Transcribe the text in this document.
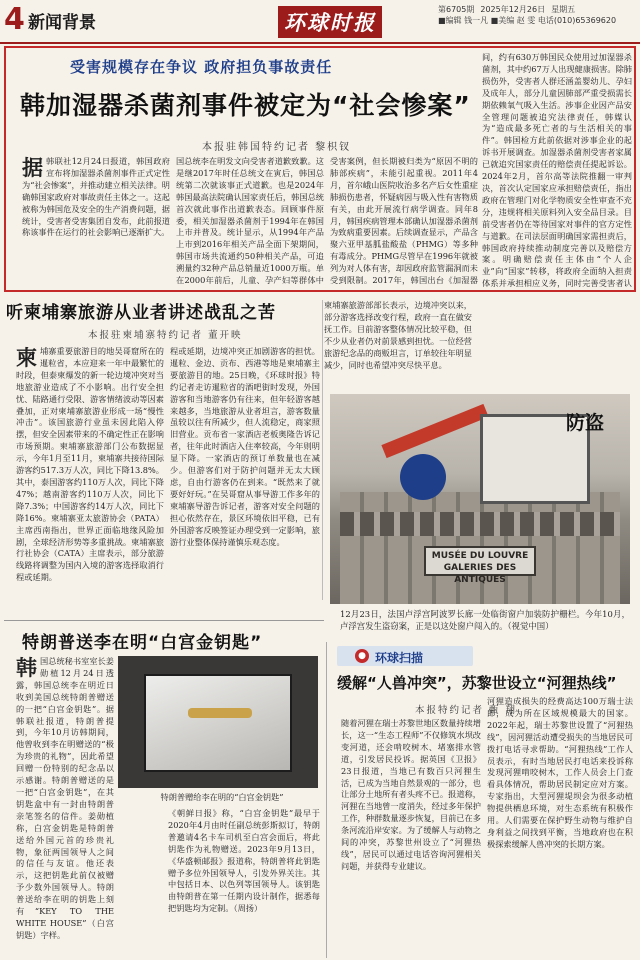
4 新闻背景	环球时报
第6705期 2025年12月26日 星期五
■编辑 钱一凡 ■美编 赵 雯 电话(010)65369620
受害规模存在争议 政府担负事故责任
韩加湿器杀菌剂事件被定为“社会惨案”
本报驻韩国特约记者 黎枳钗
据韩联社12月24日报道，韩国政府宣布将加湿器杀菌剂事件正式定性为“社会惨案”，并推动建立相关法律。明确韩国家政府对事故责任主体之一。这起被称为韩国危及安全的生产消费问题，据统计，受害者受害集团自发布，此前报道称该事件在运行的社会影响已逐渐扩大。
国总统李在明发文向受害者道歉致歉。这是继2017年时任总统文在寅后，韩国总统第二次就该事正式道歉。也是2024年韩国最高法院确认国家责任后，韩国总统首次就此事作出道歉表态。回顾事件原委，相关加湿器杀菌剂于1994年在韩国上市并普及。统计显示，从1994年产品上市到2016年相关产品全面下架期间，韩国市场共流通约50种相关产品，可追溯量约32种产品总销量近1000万瓶。单在2000年前后，儿童、孕产妇等群体中
受害案例，但长期被归类为“原因不明的肺部疾病”，未能引起重视。2011年4月，首尔峨山医院收治多名产后女性重症肺损伤患者，怀疑病因与吸入性有害物质有关，由此开展流行病学调查。同年8月，韩国疾病管理本部确认加湿器杀菌剂为致病重要因素。后续调查显示，产品含聚六亚甲基胍盐酸盐（PHMG）等多种有毒成分。PHMG尽管早在1996年就被列为对人体有害，却因政府监管漏洞而未受到限制。2017年，韩国出台《加湿器
间，约有630万韩国民众使用过加湿器杀菌剂，其中约67万人出现健康损害。除肺损伤外，受害者人群还涵盖婴幼儿、孕妇及成年人，部分儿童因肺部严重受损需长期依赖氧气吸入生活。涉事企业因产品安全管理问题被追究法律责任，韩媒认为“造成最多死亡者的与生活相关的事件”。韩国检方此前依据对涉事企业的起诉书开展调查。加湿器杀菌剂受害者家属已就追究国家责任的赔偿责任提起诉讼。2024年2月，首尔高等法院推翻一审判决，首次认定国家应承担赔偿责任，指出政府在管理门对化学物质安全性审查不充分，违规将相关原料列入安全品目录。目前受害者仍在等待国家对事件的官方定性与道歉。在司法层面明确国家需担责后，韩国政府持续推动制度完善以及赔偿方案。明确赔偿责任主体由“个人企业”向“国家”转移，将政府全面纳入担责体系并承担相应义务，同时完善受害者认
听柬埔寨旅游从业者讲述战乱之苦
本报驻柬埔寨特约记者 董开映
柬埔寨重要旅游目的地吴哥窟所在的暹粒省，本应迎来一年中最繁忙的时段，但泰柬爆发的新一轮边境冲突对当地旅游业造成了不小影响。出行安全担忧、陆路通行受限、游客情绪波动等因素叠加，正对柬埔寨旅游业形成一场“慢性冲击”。该国旅游行业虽未因此陷入停摆，但安全因素带来的不确定性正在影响市场预期。柬埔寨旅游部门公布数据显示，今年1月至11月，柬埔寨共接待国际游客约517.3万人次，同比下降13.8%。其中，泰国游客约110万人次，同比下降47%；越南游客约110万人次，同比下降7.3%；中国游客约14万人次，同比下降16%。柬埔寨亚太旅游协会（PATA）主席西南指出，世界正面临地缘风险加剧，全球经济形势等多重挑战。柬埔寨旅行社协会（CATA）主席表示，部分旅游线路将调整为国内入境的游客选择取消行程或延期。
程或延期，边境冲突正加剧游客的担忧。暹粒、金边、贡布、西港等地是柬埔寨主要旅游目的地。25日晚，《环球时报》特约记者走访暹粒省的酒吧街时发现，外国游客和当地游客仍有往来，但年轻游客越来越多，当地旅游从业者坦言，游客数量虽较以往有所减少，但人流稳定，商家照旧营业。贡布省一家酒店老板奥隆告诉记者，往年此时酒店入住率较高，今年则明显下降。一家酒店的预订单数量也在减少。但游客们对于防护问题并无太大顾虑，自由行游客仍在到来。“既然来了就要好好玩。”在吴哥窟从事导游工作多年的柬埔寨导游告诉记者，游客对安全问题的担心依然存在，景区环境依旧平稳，已有外国游客反映签证办理受到一定影响，旅游行业整体保持谨慎乐观态度。
柬埔寨旅游部部长表示，边境冲突以来，部分游客选择改变行程，政府一直在做安抚工作。目前游客整体情况比较平稳，但不少从业者仍对前景感到担忧。一位经营旅游纪念品的商贩坦言，订单较往年明显减少，同时也希望冲突尽快平息。
MUSÉE DU LOUVRE
GALERIES DES ANTIQUES
防盗
12月23日，法国卢浮宫阿波罗长廊一处临街窗户加装防护栅栏。今年10月，卢浮宫发生盗窃案，正是以这处窗户闯入的。（视觉中国）
特朗普送李在明“白宫金钥匙”
韩国总统秘书室室长姜勋植12月24日透露，韩国总统李在明近日收到美国总统特朗普赠送的一把“白宫金钥匙”。据韩联社报道，特朗普提到，今年10月访韩期间，他曾收到李在明赠送的“极为珍贵的礼物”，因此希望回赠一份特别的纪念品以示感谢。特朗普赠送的是一把“白宫金钥匙”，在其钥匙盒中有一封由特朗普亲笔签名的信件。姜勋植称，白宫金钥匙是特朗普送给外国元首的珍贵礼物，象征两国领导人之间的信任与友谊。他还表示，这把钥匙此前仅被赠予少数外国领导人。特朗普送给李在明的钥匙上刻有“KEY TO THE WHITE HOUSE”（白宫钥匙）字样。
特朗普赠给李在明的“白宫金钥匙”
《朝鲜日报》称，“白宫金钥匙”最早于2020年4月由时任副总统彭斯拟订，特朗普邀请4名卡车司机至白宫会面后，将此钥匙作为礼物赠送。2023年9月13日，《华盛顿邮报》报道称，特朗普将此钥匙赠予多位外国领导人，引发外界关注。其中包括日本、以色列等国领导人。该钥匙由特朗普在第一任期内设计制作，据悉每把钥匙均为定制。（周扬）
● 环球扫描
缓解“人兽冲突”，苏黎世设立“河狸热线”
本报特约记者 甄 翔
随着河狸在瑞士苏黎世地区数量持续增长，这一“生态工程师”不仅修筑水坝改变河道，还会啃咬树木、堵塞排水管道，引发居民投诉。据英国《卫报》23日报道，当地已有数百只河狸生活，已成为当地自然景观的一部分，也让部分土地所有者头疼不已。报道称，河狸在当地曾一度消失，经过多年保护工作，种群数量逐步恢复，目前已在多条河流沿岸安家。为了缓解人与动物之间的冲突，苏黎世州设立了“河狸热线”，居民可以通过电话咨询河狸相关问题，并获得专业建议。
河狸造成损失的经费高达100万瑞士法郎，成为所在区域规模最大的国家。2022年起，瑞士苏黎世设置了“河狸热线”，因河狸活动遭受损失的当地居民可拨打电话寻求帮助。“河狸热线”工作人员表示，有时当地居民打电话来投诉称发现河狸啃咬树木，工作人员会上门查看具体情况，帮助居民制定应对方案。专家指出，大型河狸堤坝会为很多动植物提供栖息环境，对生态系统有积极作用。人们需要在保护野生动物与维护自身利益之间找到平衡，当地政府也在积极探索缓解人兽冲突的长期方案。
